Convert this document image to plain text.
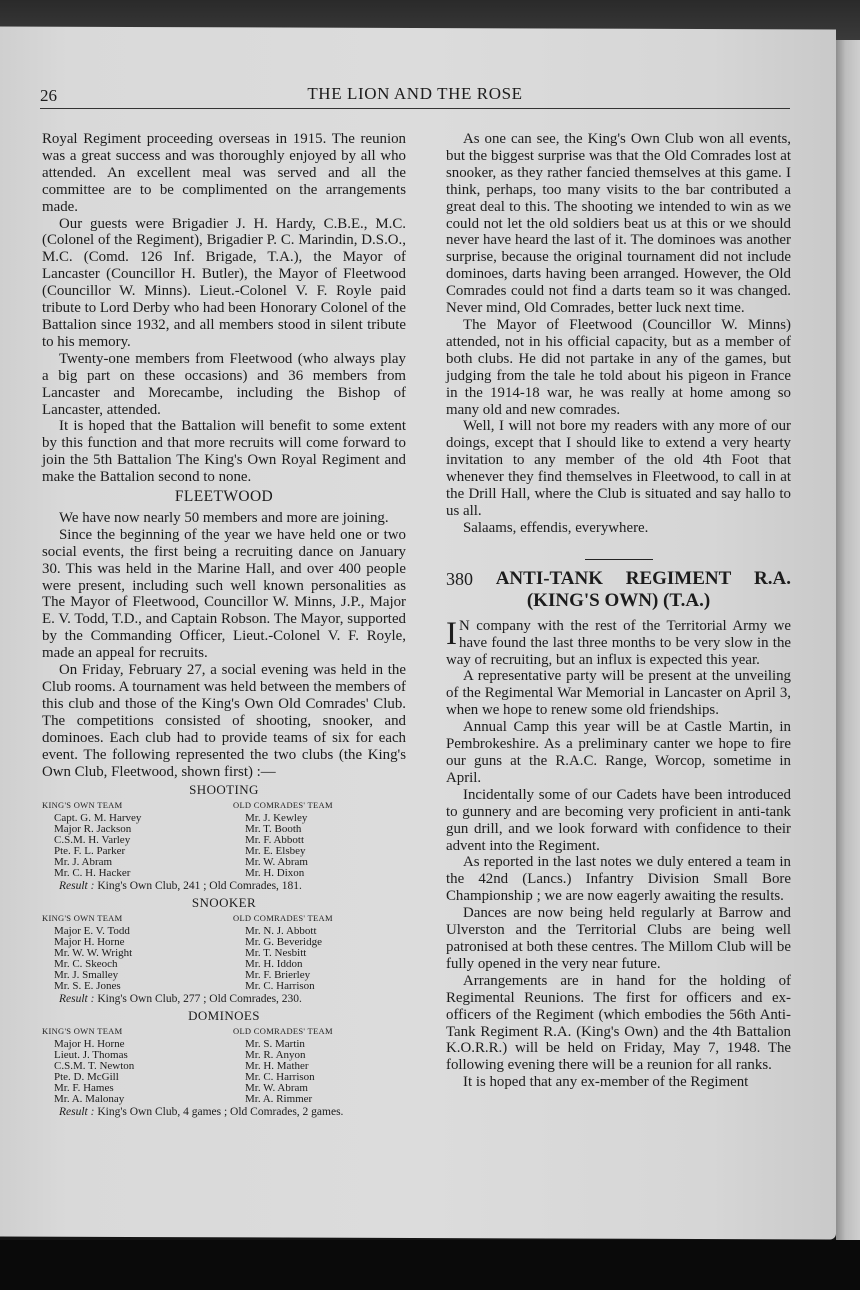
26	THE LION AND THE ROSE

Royal Regiment proceeding overseas in 1915. The reunion was a great success and was thoroughly enjoyed by all who attended. An excellent meal was served and all the committee are to be complimented on the arrangements made.

Our guests were Brigadier J. H. Hardy, C.B.E., M.C. (Colonel of the Regiment), Brigadier P. C. Marindin, D.S.O., M.C. (Comd. 126 Inf. Brigade, T.A.), the Mayor of Lancaster (Councillor H. Butler), the Mayor of Fleetwood (Councillor W. Minns). Lieut.-Colonel V. F. Royle paid tribute to Lord Derby who had been Honorary Colonel of the Battalion since 1932, and all members stood in silent tribute to his memory.

Twenty-one members from Fleetwood (who always play a big part on these occasions) and 36 members from Lancaster and Morecambe, including the Bishop of Lancaster, attended.

It is hoped that the Battalion will benefit to some extent by this function and that more recruits will come forward to join the 5th Battalion The King's Own Royal Regiment and make the Battalion second to none.

FLEETWOOD

We have now nearly 50 members and more are joining.

Since the beginning of the year we have held one or two social events, the first being a recruiting dance on January 30. This was held in the Marine Hall, and over 400 people were present, including such well known personalities as The Mayor of Fleetwood, Councillor W. Minns, J.P., Major E. V. Todd, T.D., and Captain Robson. The Mayor, supported by the Commanding Officer, Lieut.-Colonel V. F. Royle, made an appeal for recruits.

On Friday, February 27, a social evening was held in the Club rooms. A tournament was held between the members of this club and those of the King's Own Old Comrades' Club. The competitions consisted of shooting, snooker, and dominoes. Each club had to provide teams of six for each event. The following represented the two clubs (the King's Own Club, Fleetwood, shown first) :—

SHOOTING
KING'S OWN TEAM
Capt. G. M. Harvey
Major R. Jackson
C.S.M. H. Varley
Pte. F. L. Parker
Mr. J. Abram
Mr. C. H. Hacker
OLD COMRADES' TEAM
Mr. J. Kewley
Mr. T. Booth
Mr. F. Abbott
Mr. E. Elsbey
Mr. W. Abram
Mr. H. Dixon

Result : King's Own Club, 241 ; Old Comrades, 181.

SNOOKER
KING'S OWN TEAM
Major E. V. Todd
Major H. Horne
Mr. W. W. Wright
Mr. C. Skeoch
Mr. J. Smalley
Mr. S. E. Jones
OLD COMRADES' TEAM
Mr. N. J. Abbott
Mr. G. Beveridge
Mr. T. Nesbitt
Mr. H. Iddon
Mr. F. Brierley
Mr. C. Harrison

Result : King's Own Club, 277 ; Old Comrades, 230.

DOMINOES
KING'S OWN TEAM
Major H. Horne
Lieut. J. Thomas
C.S.M. T. Newton
Pte. D. McGill
Mr. F. Hames
Mr. A. Malonay
OLD COMRADES' TEAM
Mr. S. Martin
Mr. R. Anyon
Mr. H. Mather
Mr. C. Harrison
Mr. W. Abram
Mr. A. Rimmer

Result : King's Own Club, 4 games ; Old Comrades, 2 games.

As one can see, the King's Own Club won all events, but the biggest surprise was that the Old Comrades lost at snooker, as they rather fancied themselves at this game. I think, perhaps, too many visits to the bar contributed a great deal to this. The shooting we intended to win as we could not let the old soldiers beat us at this or we should never have heard the last of it. The dominoes was another surprise, because the original tournament did not include dominoes, darts having been arranged. However, the Old Comrades could not find a darts team so it was changed. Never mind, Old Comrades, better luck next time.

The Mayor of Fleetwood (Councillor W. Minns) attended, not in his official capacity, but as a member of both clubs. He did not partake in any of the games, but judging from the tale he told about his pigeon in France in the 1914-18 war, he was really at home among so many old and new comrades.

Well, I will not bore my readers with any more of our doings, except that I should like to extend a very hearty invitation to any member of the old 4th Foot that whenever they find themselves in Fleetwood, to call in at the Drill Hall, where the Club is situated and say hallo to us all.

Salaams, effendis, everywhere.

380 ANTI-TANK REGIMENT R.A.
(KING'S OWN) (T.A.)

I N company with the rest of the Territorial Army we have found the last three months to be very slow in the way of recruiting, but an influx is expected this year.

A representative party will be present at the unveiling of the Regimental War Memorial in Lancaster on April 3, when we hope to renew some old friendships.

Annual Camp this year will be at Castle Martin, in Pembrokeshire. As a preliminary canter we hope to fire our guns at the R.A.C. Range, Worcop, sometime in April.

Incidentally some of our Cadets have been introduced to gunnery and are becoming very proficient in anti-tank gun drill, and we look forward with confidence to their advent into the Regiment.

As reported in the last notes we duly entered a team in the 42nd (Lancs.) Infantry Division Small Bore Championship ; we are now eagerly awaiting the results.

Dances are now being held regularly at Barrow and Ulverston and the Territorial Clubs are being well patronised at both these centres. The Millom Club will be fully opened in the very near future.

Arrangements are in hand for the holding of Regimental Reunions. The first for officers and ex-officers of the Regiment (which embodies the 56th Anti-Tank Regiment R.A. (King's Own) and the 4th Battalion K.O.R.R.) will be held on Friday, May 7, 1948. The following evening there will be a reunion for all ranks.

It is hoped that any ex-member of the Regiment
